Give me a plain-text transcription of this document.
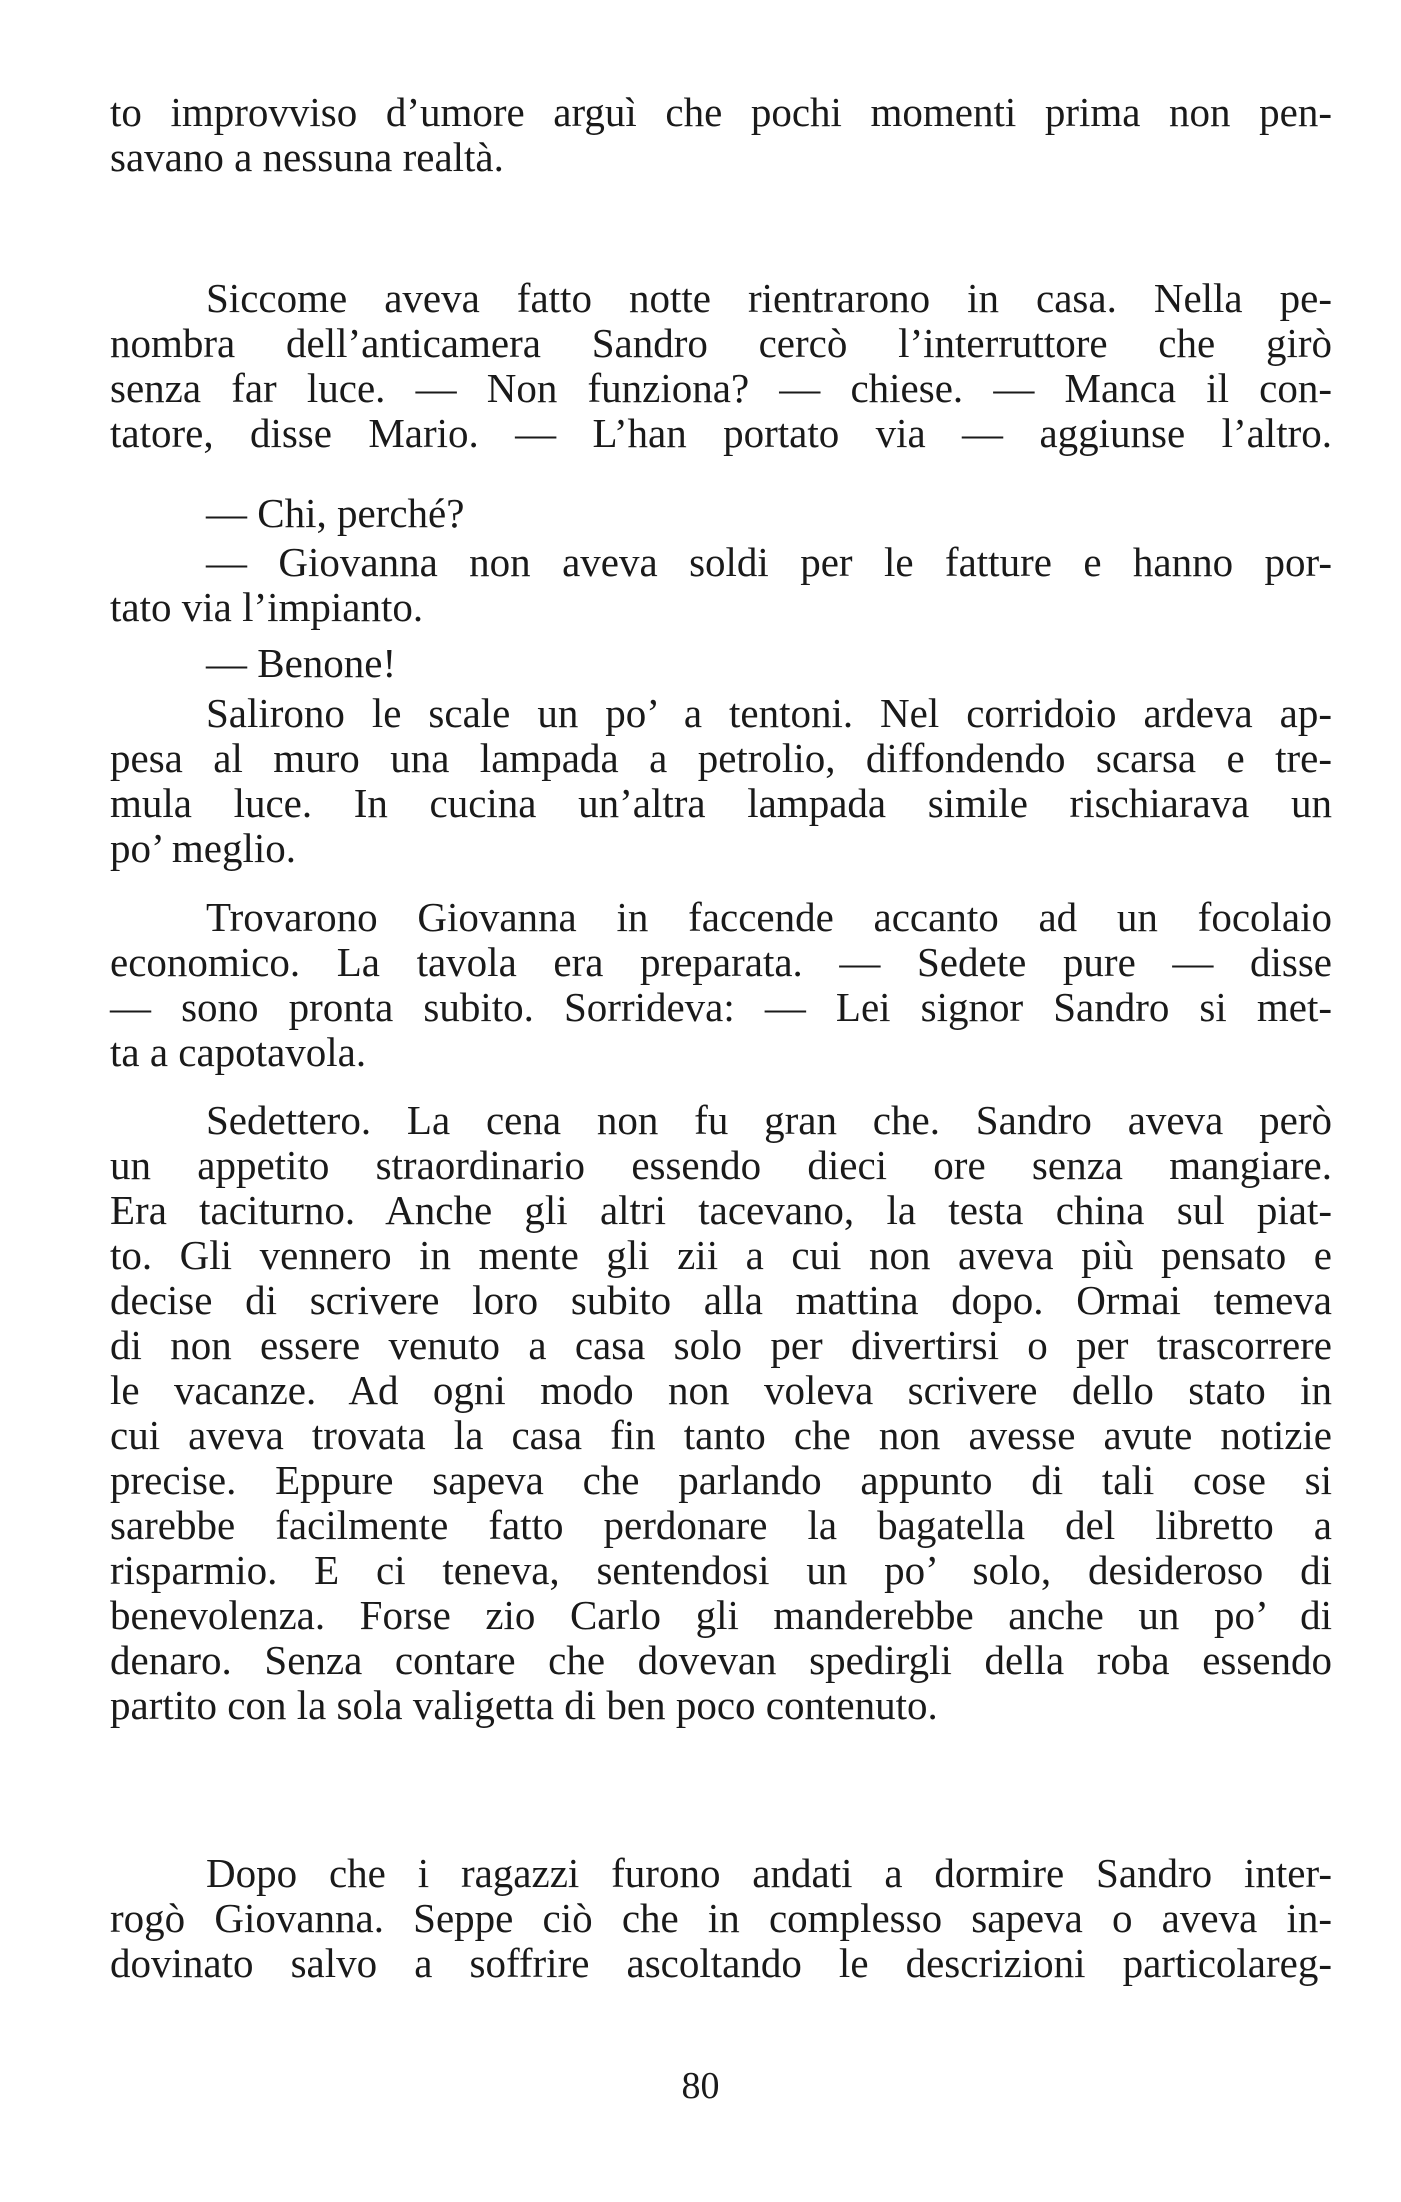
to improvviso d’umore arguì che pochi momenti prima non pen-
savano a nessuna realtà.
Siccome aveva fatto notte rientrarono in casa. Nella pe-
nombra dell’anticamera Sandro cercò l’interruttore che girò
senza far luce. — Non funziona? — chiese. — Manca il con-
tatore, disse Mario. — L’han portato via — aggiunse l’altro.
— Chi, perché?
— Giovanna non aveva soldi per le fatture e hanno por-
tato via l’impianto.
— Benone!
Salirono le scale un po’ a tentoni. Nel corridoio ardeva ap-
pesa al muro una lampada a petrolio, diffondendo scarsa e tre-
mula luce. In cucina un’altra lampada simile rischiarava un
po’ meglio.
Trovarono Giovanna in faccende accanto ad un focolaio
economico. La tavola era preparata. — Sedete pure — disse
— sono pronta subito. Sorrideva: — Lei signor Sandro si met-
ta a capotavola.
Sedettero. La cena non fu gran che. Sandro aveva però
un appetito straordinario essendo dieci ore senza mangiare.
Era taciturno. Anche gli altri tacevano, la testa china sul piat-
to. Gli vennero in mente gli zii a cui non aveva più pensato e
decise di scrivere loro subito alla mattina dopo. Ormai temeva
di non essere venuto a casa solo per divertirsi o per trascorrere
le vacanze. Ad ogni modo non voleva scrivere dello stato in
cui aveva trovata la casa fin tanto che non avesse avute notizie
precise. Eppure sapeva che parlando appunto di tali cose si
sarebbe facilmente fatto perdonare la bagatella del libretto a
risparmio. E ci teneva, sentendosi un po’ solo, desideroso di
benevolenza. Forse zio Carlo gli manderebbe anche un po’ di
denaro. Senza contare che dovevan spedirgli della roba essendo
partito con la sola valigetta di ben poco contenuto.
Dopo che i ragazzi furono andati a dormire Sandro inter-
rogò Giovanna. Seppe ciò che in complesso sapeva o aveva in-
dovinato salvo a soffrire ascoltando le descrizioni particolareg-
80
